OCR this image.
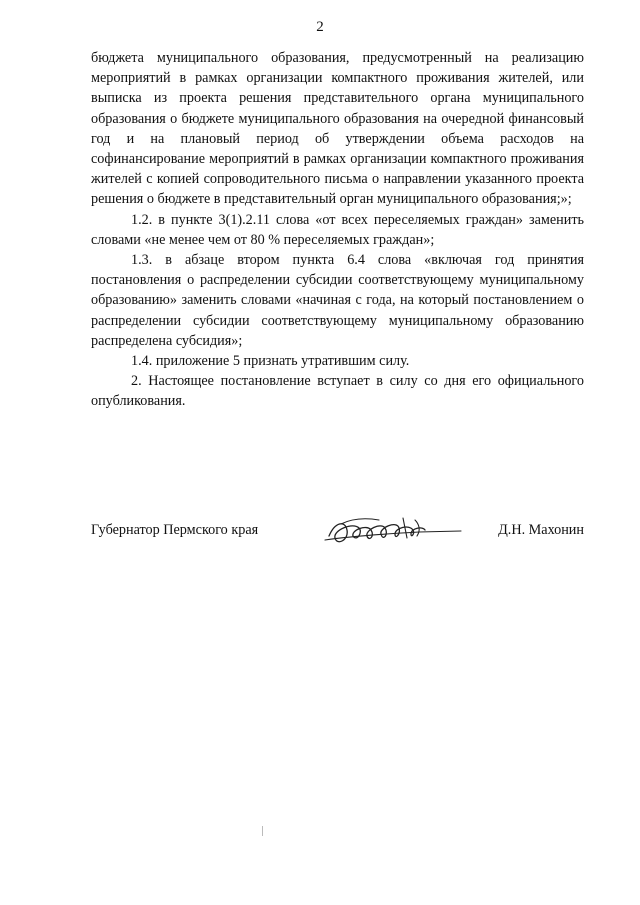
2

бюджета муниципального образования, предусмотренный на реализацию мероприятий в рамках организации компактного проживания жителей, или выписка из проекта решения представительного органа муниципального образования о бюджете муниципального образования на очередной финансовый год и на плановый период об утверждении объема расходов на софинансирование мероприятий в рамках организации компактного проживания жителей с копией сопроводительного письма о направлении указанного проекта решения о бюджете в представительный орган муниципального образования;»;

1.2. в пункте 3(1).2.11 слова «от всех переселяемых граждан» заменить словами «не менее чем от 80 % переселяемых граждан»;

1.3. в абзаце втором пункта 6.4 слова «включая год принятия постановления о распределении субсидии соответствующему муниципальному образованию» заменить словами «начиная с года, на который постановлением о распределении субсидии соответствующему муниципальному образованию распределена субсидия»;

1.4. приложение 5 признать утратившим силу.

2. Настоящее постановление вступает в силу со дня его официального опубликования.

Губернатор Пермского края	Д.Н. Махонин
